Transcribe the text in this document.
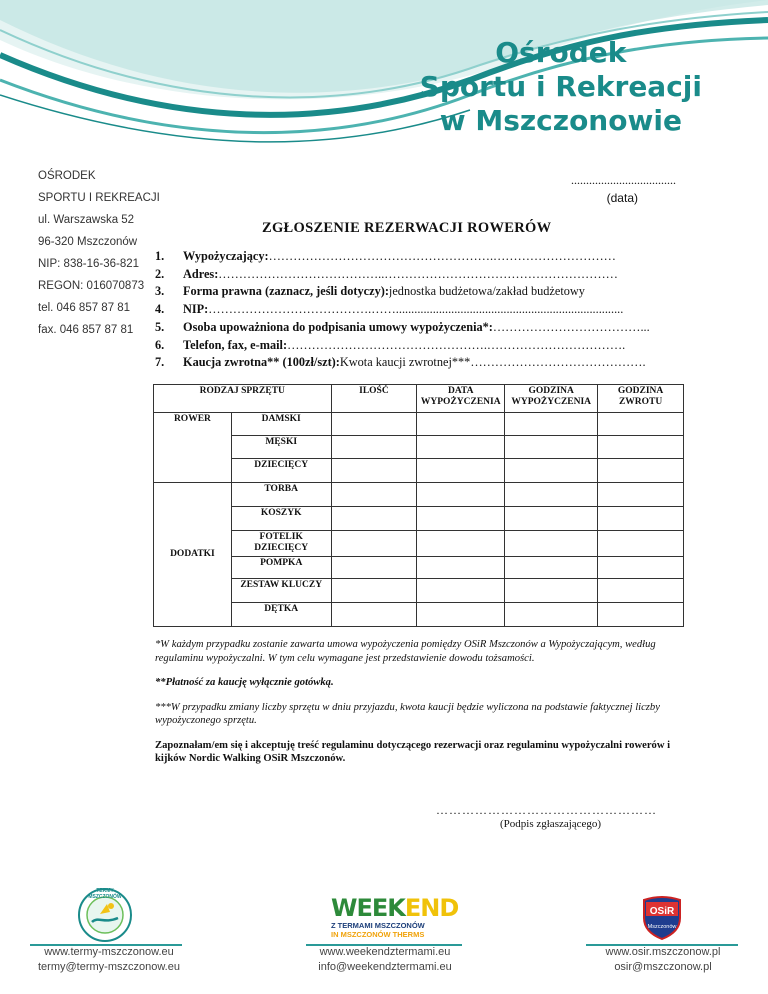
Ośrodek
Sportu i Rekreacji
w Mszczonowie
OŚRODEK
SPORTU I REKREACJI
ul. Warszawska 52
96-320 Mszczonów
NIP: 838-16-36-821
REGON: 016070873
tel. 046 857 87 81
fax. 046 857 87 81
...................................
(data)
ZGŁOSZENIE REZERWACJI ROWERÓW
1.	Wypożyczający: ……………………………………………….…………………………
2.	Adres: …………………………………..…………………………………………………
3.	Forma prawna (zaznacz, jeśli dotyczy): jednostka budżetowa/zakład budżetowy
4.	NIP: ………………………………….……..........................................................................
5.	Osoba upoważniona do podpisania umowy wypożyczenia*: ………………………………...
6.	Telefon, fax, e-mail: ………………………………………….…………………………….
7.	Kaucja zwrotna** (100zł/szt): Kwota kaucji zwrotnej***…………………………………….
RODZAJ SPRZĘTU		ILOŚĆ	DATA WYPOŻYCZENIA	GODZINA WYPOŻYCZENIA	GODZINA ZWROTU
ROWER	DAMSKI				
	MĘSKI				
	DZIECIĘCY				
DODATKI	TORBA				
	KOSZYK				
	FOTELIK DZIECIĘCY				
	POMPKA				
	ZESTAW KLUCZY				
	DĘTKA				

*W każdym przypadku zostanie zawarta umowa wypożyczenia pomiędzy OSiR Mszczonów a Wypożyczającym, według regulaminu wypożyczalni. W tym celu wymagane jest przedstawienie dowodu tożsamości.

**Płatność za kaucję wyłącznie gotówką.

***W przypadku zmiany liczby sprzętu w dniu przyjazdu, kwota kaucji będzie wyliczona na podstawie faktycznej liczby wypożyczonego sprzętu.

Zapoznałam/em się i akceptuję treść regulaminu dotyczącego rezerwacji oraz regulaminu wypożyczalni rowerów i kijków Nordic Walking OSiR Mszczonów.

……………………………………………
(Podpis zgłaszającego)
TERMY MSZCZONÓW	WEEKEND
Z TERMAMI MSZCZONÓW
IN MSZCZONÓW THERMS
OSiR
Mszczonów
www.termy-mszczonow.eu
termy@termy-mszczonow.eu
www.weekendztermami.eu
info@weekendztermami.eu
www.osir.mszczonow.pl
osir@mszczonow.pl
